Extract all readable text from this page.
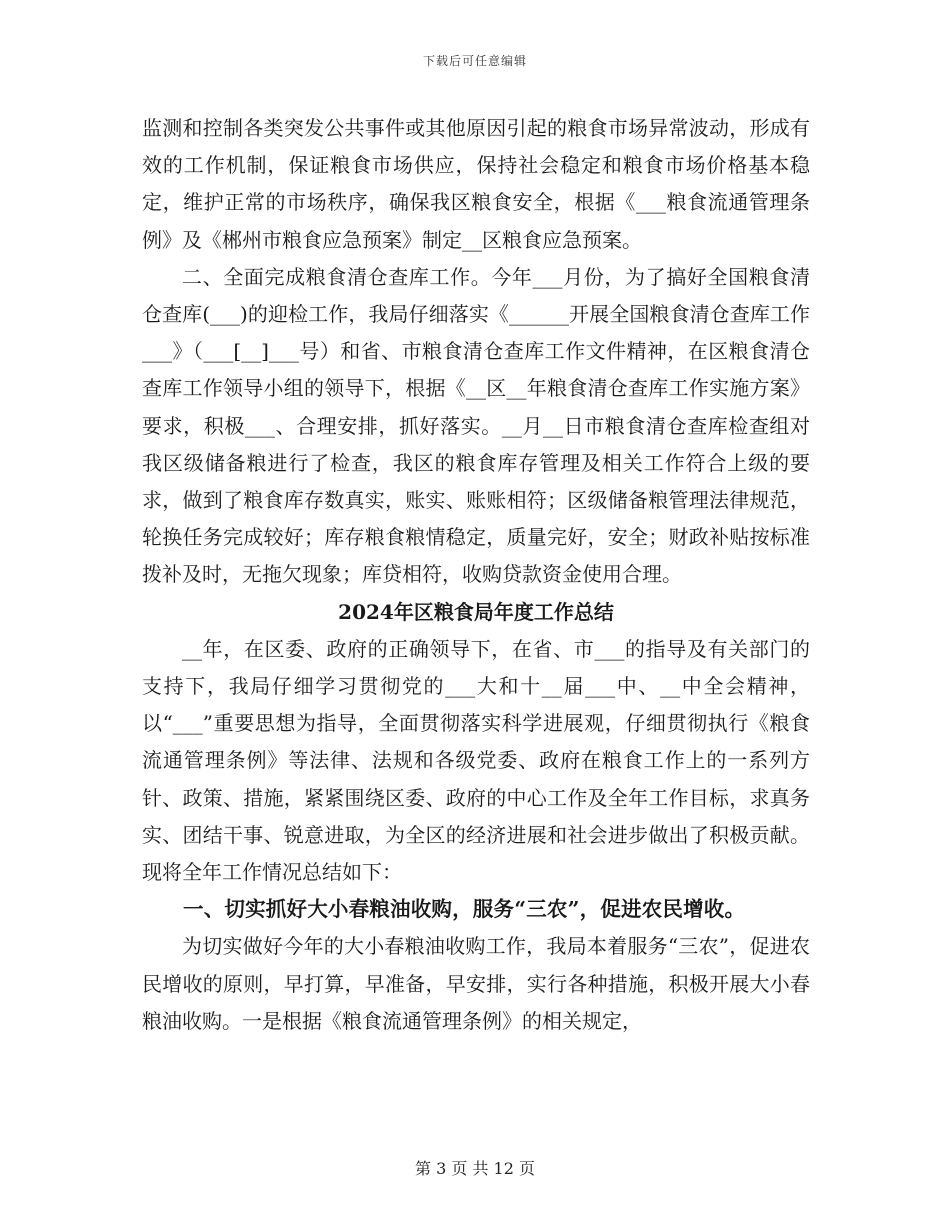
下载后可任意编辑

监测和控制各类突发公共事件或其他原因引起的粮食市场异常波动，形成有效的工作机制，保证粮食市场供应，保持社会稳定和粮食市场价格基本稳定，维护正常的市场秩序，确保我区粮食安全，根据《___粮食流通管理条例》及《郴州市粮食应急预案》制定__区粮食应急预案。

二、全面完成粮食清仓查库工作。今年___月份，为了搞好全国粮食清仓查库(___)的迎检工作，我局仔细落实《______开展全国粮食清仓查库工作___》（___[__]___号）和省、市粮食清仓查库工作文件精神，在区粮食清仓查库工作领导小组的领导下，根据《__区__年粮食清仓查库工作实施方案》要求，积极___、合理安排，抓好落实。__月__日市粮食清仓查库检查组对我区级储备粮进行了检查，我区的粮食库存管理及相关工作符合上级的要求，做到了粮食库存数真实，账实、账账相符；区级储备粮管理法律规范，轮换任务完成较好；库存粮食粮情稳定，质量完好，安全；财政补贴按标准拨补及时，无拖欠现象；库贷相符，收购贷款资金使用合理。

2024年区粮食局年度工作总结

__年，在区委、政府的正确领导下，在省、市___的指导及有关部门的支持下，我局仔细学习贯彻党的___大和十__届___中、__中全会精神，以“___”重要思想为指导，全面贯彻落实科学进展观，仔细贯彻执行《粮食流通管理条例》等法律、法规和各级党委、政府在粮食工作上的一系列方针、政策、措施，紧紧围绕区委、政府的中心工作及全年工作目标，求真务实、团结干事、锐意进取，为全区的经济进展和社会进步做出了积极贡献。现将全年工作情况总结如下：

一、切实抓好大小春粮油收购，服务“三农”，促进农民增收。

为切实做好今年的大小春粮油收购工作，我局本着服务“三农”，促进农民增收的原则，早打算，早准备，早安排，实行各种措施，积极开展大小春粮油收购。一是根据《粮食流通管理条例》的相关规定，

第 3 页 共 12 页
